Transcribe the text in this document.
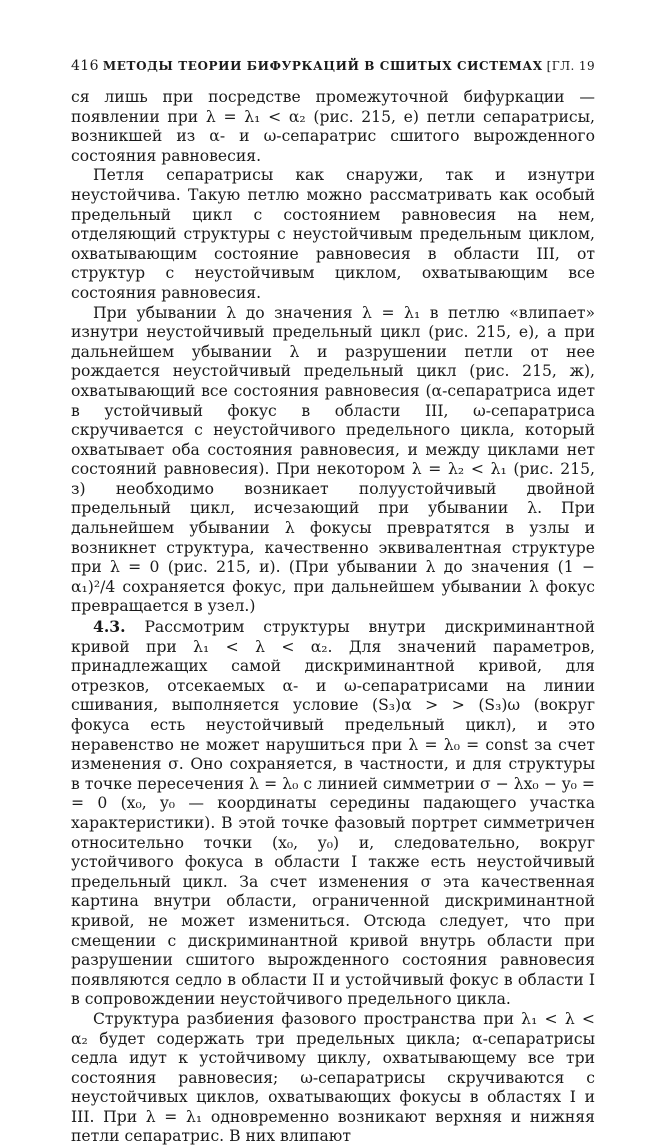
416 МЕТОДЫ ТЕОРИИ БИФУРКАЦИЙ В СШИТЫХ СИСТЕМАХ [ГЛ. 19

ся лишь при посредстве промежуточной бифуркации — появлении при λ = λ₁ < α₂ (рис. 215, е) петли сепаратрисы, возникшей из α- и ω-сепаратрис сшитого вырожденного состояния равновесия.

Петля сепаратрисы как снаружи, так и изнутри неустойчива. Такую петлю можно рассматривать как особый предельный цикл с состоянием равновесия на нем, отделяющий структуры с неустойчивым предельным циклом, охватывающим состояние равновесия в области III, от структур с неустойчивым циклом, охватывающим все состояния равновесия.

При убывании λ до значения λ = λ₁ в петлю «влипает» изнутри неустойчивый предельный цикл (рис. 215, е), а при дальнейшем убывании λ и разрушении петли от нее рождается неустойчивый предельный цикл (рис. 215, ж), охватывающий все состояния равновесия (α-сепаратриса идет в устойчивый фокус в области III, ω-сепаратриса скручивается с неустойчивого предельного цикла, который охватывает оба состояния равновесия, и между циклами нет состояний равновесия). При некотором λ = λ₂ < λ₁ (рис. 215, з) необходимо возникает полуустойчивый двойной предельный цикл, исчезающий при убывании λ. При дальнейшем убывании λ фокусы превратятся в узлы и возникнет структура, качественно эквивалентная структуре при λ = 0 (рис. 215, и). (При убывании λ до значения (1 − α₁)²/4 сохраняется фокус, при дальнейшем убывании λ фокус превращается в узел.)

4.3. Рассмотрим структуры внутри дискриминантной кривой при λ₁ < λ < α₂. Для значений параметров, принадлежащих самой дискриминантной кривой, для отрезков, отсекаемых α- и ω-сепаратрисами на линии сшивания, выполняется условие (S₃)α > > (S₃)ω (вокруг фокуса есть неустойчивый предельный цикл), и это неравенство не может нарушиться при λ = λ₀ = const за счет изменения σ. Оно сохраняется, в частности, и для структуры в точке пересечения λ = λ₀ с линией симметрии σ − λx₀ − y₀ = = 0 (x₀, y₀ — координаты середины падающего участка характеристики). В этой точке фазовый портрет симметричен относительно точки (x₀, y₀) и, следовательно, вокруг устойчивого фокуса в области I также есть неустойчивый предельный цикл. За счет изменения σ эта качественная картина внутри области, ограниченной дискриминантной кривой, не может измениться. Отсюда следует, что при смещении с дискриминантной кривой внутрь области при разрушении сшитого вырожденного состояния равновесия появляются седло в области II и устойчивый фокус в области I в сопровождении неустойчивого предельного цикла.

Структура разбиения фазового пространства при λ₁ < λ < α₂ будет содержать три предельных цикла; α-сепаратрисы седла идут к устойчивому циклу, охватывающему все три состояния равновесия; ω-сепаратрисы скручиваются с неустойчивых циклов, охватывающих фокусы в областях I и III. При λ = λ₁ одновременно возникают верхняя и нижняя петли сепаратрис. В них влипают
